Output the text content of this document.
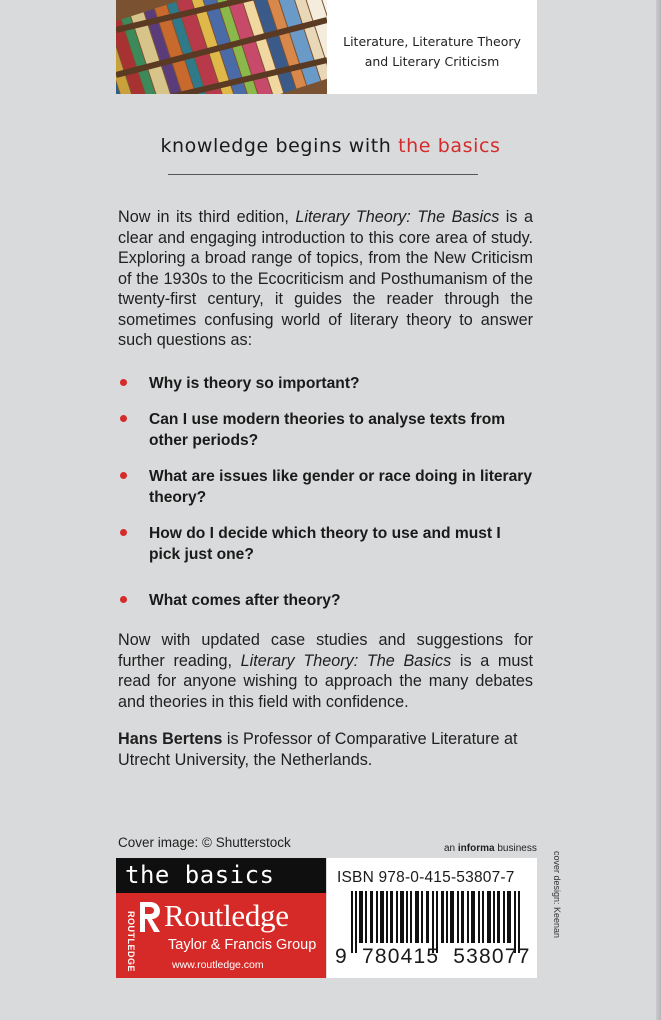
Literature, Literature Theory
and Literary Criticism
knowledge begins with the basics
Now in its third edition, Literary Theory: The Basics is a clear and engaging introduction to this core area of study. Exploring a broad range of topics, from the New Criticism of the 1930s to the Ecocriticism and Posthumanism of the twenty-first century, it guides the reader through the sometimes confusing world of literary theory to answer such questions as:
Why is theory so important?
Can I use modern theories to analyse texts from other periods?
What are issues like gender or race doing in literary theory?
How do I decide which theory to use and must I pick just one?
What comes after theory?
Now with updated case studies and suggestions for further reading, Literary Theory: The Basics is a must read for anyone wishing to approach the many debates and theories in this field with confidence.
Hans Bertens is Professor of Comparative Literature at Utrecht University, the Netherlands.
Cover image: © Shutterstock	an informa business
the basics
ROUTLEDGE Routledge
Taylor & Francis Group
www.routledge.com
ISBN 978-0-415-53807-7
9  780415  538077
cover design: Keenan
